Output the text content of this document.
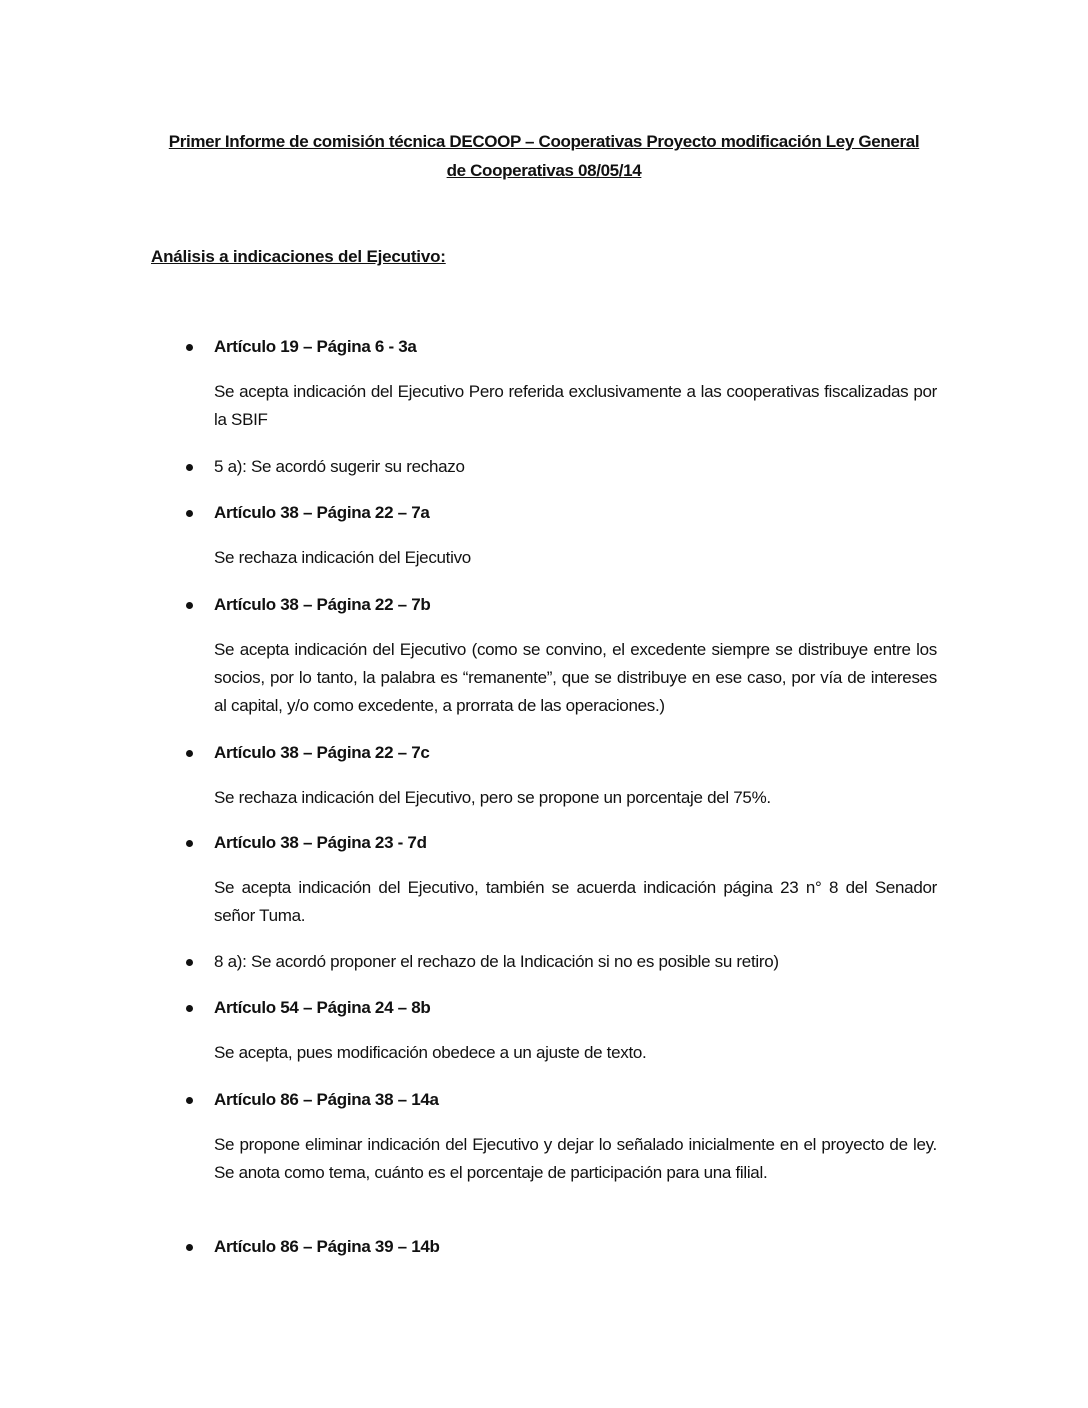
Primer Informe de comisión técnica DECOOP – Cooperativas Proyecto modificación Ley General
de Cooperativas 08/05/14
Análisis a indicaciones del Ejecutivo:
Artículo 19 – Página 6 - 3a
Se acepta indicación del Ejecutivo Pero referida exclusivamente a las cooperativas fiscalizadas por la SBIF
5 a): Se acordó sugerir su rechazo
Artículo 38 – Página 22 – 7a
Se rechaza indicación del Ejecutivo
Artículo 38 – Página 22 – 7b
Se acepta indicación del Ejecutivo (como se convino, el excedente siempre se distribuye entre los socios, por lo tanto, la palabra es “remanente”, que se distribuye en ese caso, por vía de intereses al capital, y/o como excedente, a prorrata de las operaciones.)
Artículo 38 – Página 22 – 7c
Se rechaza indicación del Ejecutivo, pero se propone un porcentaje del 75%.
Artículo 38 – Página 23 - 7d
Se acepta indicación del Ejecutivo, también se acuerda indicación página 23 n° 8 del Senador señor Tuma.
8 a): Se acordó proponer el rechazo de la Indicación si no es posible su retiro)
Artículo 54 – Página 24 – 8b
Se acepta, pues modificación obedece a un ajuste de texto.
Artículo 86 – Página 38 – 14a
Se propone eliminar indicación del Ejecutivo y dejar lo señalado inicialmente en el proyecto de ley. Se anota como tema, cuánto es el porcentaje de participación para una filial.
Artículo 86 – Página 39 – 14b
